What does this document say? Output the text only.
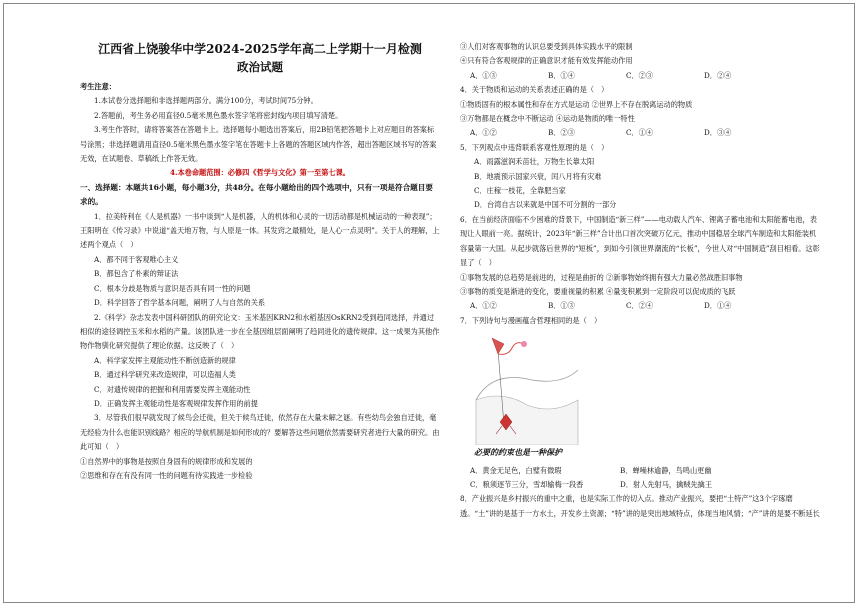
江西省上饶骏华中学2024-2025学年高二上学期十一月检测

政治试题

考生注意：

1.本试卷分选择题和非选择题两部分。满分100分，考试时间75分钟。

2.答题前，考生务必用直径0.5毫米黑色墨水签字笔将密封线内项目填写清楚。

3.考生作答时，请将答案答在答题卡上。选择题每小题选出答案后，用2B铅笔把答题卡上对应题目的答案标号涂黑；非选择题请用直径0.5毫米黑色墨水签字笔在答题卡上各题的答题区域内作答，超出答题区域书写的答案无效，在试题卷、草稿纸上作答无效。

4.本卷命题范围：必修四《哲学与文化》第一至第七课。

一、选择题：本题共16小题，每小题3分，共48分。在每小题给出的四个选项中，只有一项是符合题目要求的。

1．拉美特利在《人是机器》一书中谈到“人是机器，人的机体和心灵的一切活动都是机械运动的一种表现”；王阳明在《传习录》中说道“盖天地万物，与人原是一体。其发窍之最精处，是人心一点灵明”。关于人的理解，上述两个观点（　）

A．都不同于客观唯心主义

B．都包含了朴素的辩证法

C．根本分歧是物质与意识是否具有同一性的问题

D．科学回答了哲学基本问题，阐明了人与自然的关系

2.《科学》杂志发表中国科研团队的研究论文：玉米基因KRN2和水稻基因OsKRN2受到趋同选择，并通过相似的途径调控玉米和水稻的产量。该团队进一步在全基因组层面阐明了趋同进化的遗传规律。这一成果为其他作物作物驯化研究提供了理论依据。这反映了（　）

A．科学家发挥主观能动性不断创造新的规律

B．通过科学研究来改造规律，可以造福人类

C．对遗传规律的把握和利用需要发挥主观能动性

D．正确发挥主观能动性是客观规律发挥作用的前提

3．尽管我们很早就发现了候鸟会迁徙，但关于候鸟迁徙，依然存在大量未解之谜。有些幼鸟会独自迁徙，毫无经验为什么也能识别线路？相应的导航机制是如何形成的？要解答这些问题依然需要研究者进行大量的研究。由此可知（　）

①自然界中的事物是按照自身固有的规律形成和发展的

②思维和存在有没有同一性的问题有待实践进一步检验

③人们对客观事物的认识总要受到具体实践水平的限制

④只有符合客观规律的正确意识才能有效发挥能动作用

A．①③	B．①④	C．②③	D．②④

4．关于物质和运动的关系表述正确的是（　）

①物质固有的根本属性和存在方式是运动 ②世界上不存在脱离运动的物质

③万物都是在概念中不断运动 ④运动是物质的唯一特性

A．①②	B．②③	C．①④	D．③④

5．下列观点中违背联系客观性原理的是（　）

A．雨露滋润禾苗壮，万物生长靠太阳

B．地震预示国家兴衰，闰八月将有灾难

C．庄稼一枝花，全靠肥当家

D．台湾自古以来就是中国不可分割的一部分

6．在当前经济面临不少困难的背景下，中国制造“新三样”——电动载人汽车、锂离子蓄电池和太阳能蓄电池，表现让人眼前一亮。据统计，2023年“新三样”合计出口首次突破万亿元，推动中国稳居全球汽车制造和太阳能装机容量第一大国。从起步就落后世界的“短板”，到如今引领世界潮流的“长板”，今世人对“中国制造”刮目相看。这彰显了（　）

①事物发展的总趋势是前进的，过程是曲折的 ②新事物始终拥有强大力量必然战胜旧事物

③事物的质变是渐进的变化，要重视量的积累 ④量变积累到一定阶段可以促成质的飞跃

A．①②	B．①③	C．②④	D．①④

7．下列诗句与漫画蕴含哲理相同的是（　）

必要的约束也是一种保护

A．黄金无足色，白璧有微瑕	B．蝉噪林逾静，鸟鸣山更幽
C．粮须逐节三分，雪却输梅一段香	D．射人先射马，擒贼先擒王

8．产业振兴是乡村振兴的重中之重，也是实际工作的切入点。推动产业振兴，要把“土特产”这3个字琢磨透。“土”讲的是基于一方水土，开发乡土资源；“特”讲的是突出地域特点，体现当地风情；“产”讲的是要不断延长
